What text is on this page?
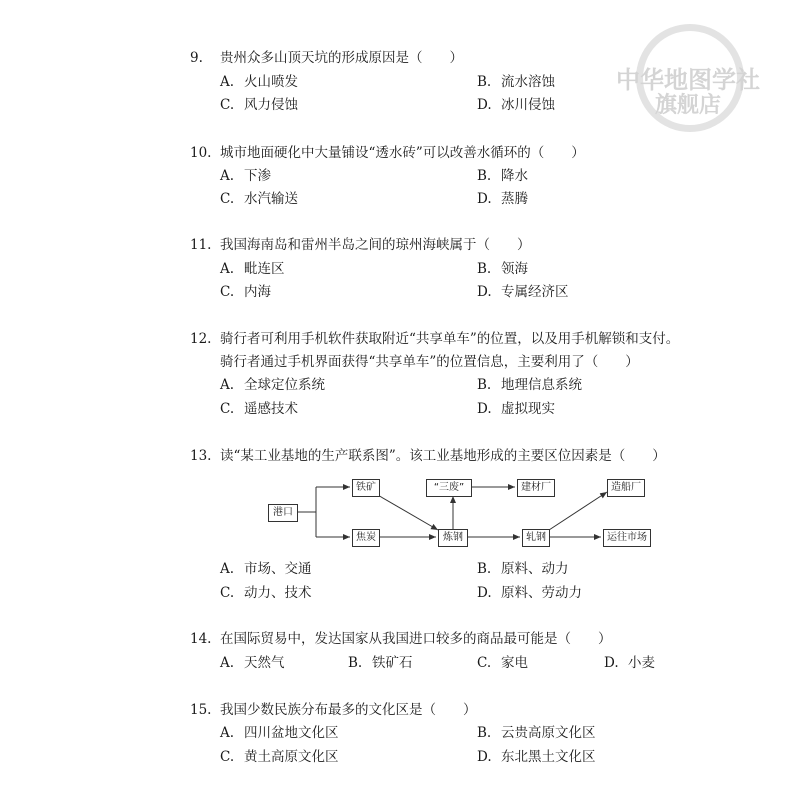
中华地图学社
旗舰店
9. 贵州众多山顶天坑的形成原因是（　　）
A. 火山喷发	B. 流水溶蚀
C. 风力侵蚀	D. 冰川侵蚀
10. 城市地面硬化中大量铺设“透水砖”可以改善水循环的（　　）
A. 下渗	B. 降水
C. 水汽输送	D. 蒸腾
11. 我国海南岛和雷州半岛之间的琼州海峡属于（　　）
A. 毗连区	B. 领海
C. 内海	D. 专属经济区
12. 骑行者可利用手机软件获取附近“共享单车”的位置，以及用手机解锁和支付。
骑行者通过手机界面获得“共享单车”的位置信息，主要利用了（　　）
A. 全球定位系统	B. 地理信息系统
C. 遥感技术	D. 虚拟现实
13. 读“某工业基地的生产联系图”。该工业基地形成的主要区位因素是（　　）
港口
铁矿
焦炭
“三废”	建材厂
炼钢	轧钢
造船厂
运往市场
A. 市场、交通	B. 原料、动力
C. 动力、技术	D. 原料、劳动力
14. 在国际贸易中，发达国家从我国进口较多的商品最可能是（　　）
A. 天然气	B. 铁矿石	C. 家电	D. 小麦
15. 我国少数民族分布最多的文化区是（　　）
A. 四川盆地文化区	B. 云贵高原文化区
C. 黄土高原文化区	D. 东北黑土文化区
